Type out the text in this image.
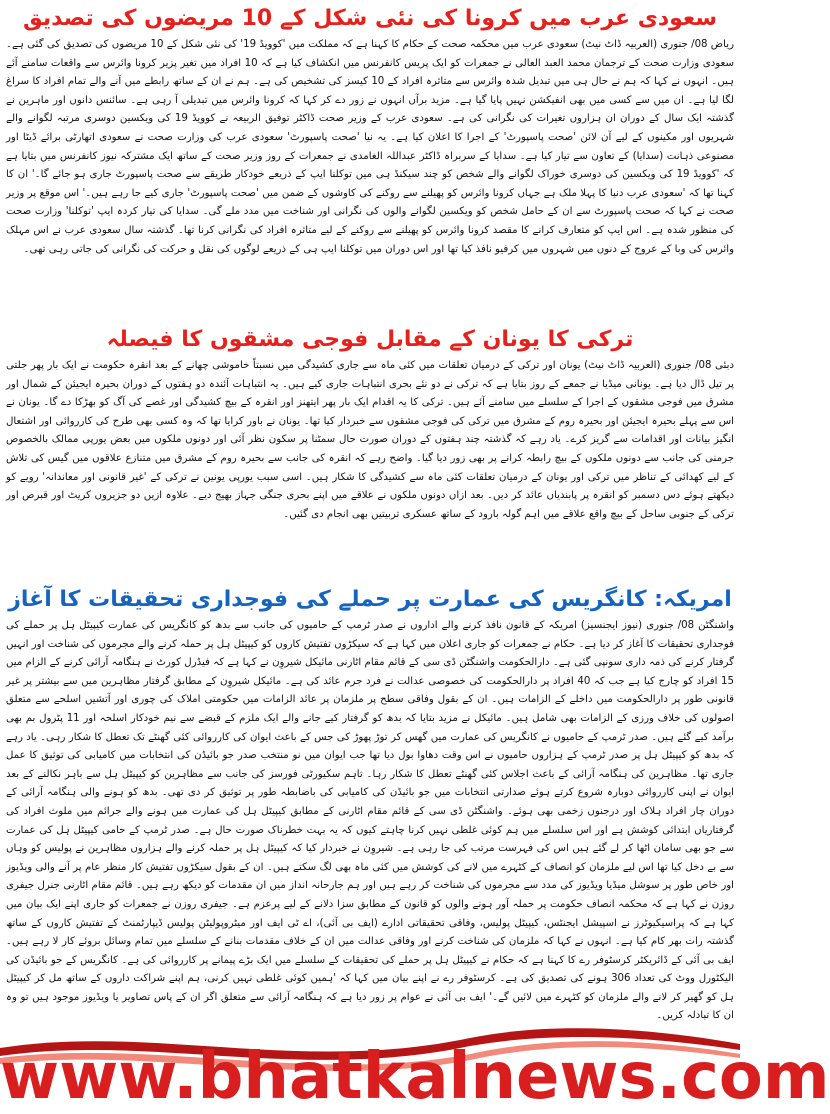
سعودی عرب میں کرونا کی نئی شکل کے 10 مریضوں کی تصدیق

ریاض 08/ جنوری (العربیہ ڈاٹ نیٹ) سعودی عرب میں محکمہ صحت کے حکام کا کہنا ہے کہ مملکت میں 'کوویڈ 19' کی نئی شکل کے 10 مریضوں کی تصدیق کی گئی ہے۔ سعودی وزارت صحت کے ترجمان محمد العبد العالی نے جمعرات کو ایک پریس کانفرنس میں انکشاف کیا ہے کہ 10 افراد میں تغیر پزیر کرونا وائرس سے واقعات سامنے آئے ہیں۔ انہوں نے کہا کہ ہم نے حال ہی میں تبدیل شدہ وائرس سے متاثرہ افراد کے 10 کیسز کی تشخیص کی ہے۔ ہم نے ان کے ساتھ رابطے میں آنے والے تمام افراد کا سراغ لگا لیا ہے۔ ان میں سے کسی میں بھی انفیکشن نہیں پایا گیا ہے۔ مزید برآں انہوں نے زور دے کر کہا کہ کرونا وائرس میں تبدیلی آ رہی ہے۔ سائنس دانوں اور ماہرین نے گذشتہ ایک سال کے دوران ان ہزاروں تغیرات کی نگرانی کی ہے۔ سعودی عرب کے وزیر صحت ڈاکٹر توفیق الربیعہ نے کوویڈ 19 کی ویکسین دوسری مرتبہ لگوانے والے شہریوں اور مکینوں کے لیے آن لائن 'صحت پاسپورٹ' کے اجرا کا اعلان کیا ہے۔ یہ نیا 'صحت پاسپورٹ' سعودی عرب کی وزارت صحت نے سعودی اتھارٹی برائے ڈیٹا اور مصنوعی ذہانت (سدایا) کے تعاون سے تیار کیا ہے۔ سدایا کے سربراہ ڈاکٹر عبداللہ الغامدی نے جمعرات کے روز وزیر صحت کے ساتھ ایک مشترکہ نیوز کانفرنس میں بتایا ہے کہ 'کوویڈ 19 کی ویکسین کی دوسری خوراک لگوانے والے شخص کو چند سیکنڈ ہی میں توکلنا ایپ کے ذریعے خودکار طریقے سے صحت پاسپورٹ جاری ہو جائے گا۔' ان کا کہنا تھا کہ 'سعودی عرب دنیا کا پہلا ملک ہے جہاں کرونا وائرس کو پھیلنے سے روکنے کی کاوشوں کے ضمن میں 'صحت پاسپورٹ' جاری کیے جا رہے ہیں۔' اس موقع پر وزیر صحت نے کہا کہ صحت پاسپورٹ سے ان کے حامل شخص کو ویکسین لگوانے والوں کی نگرانی اور شناخت میں مدد ملے گی۔ سدایا کی تیار کردہ ایپ 'توکلنا' وزارت صحت کی منظور شدہ ہے۔ اس ایپ کو متعارف کرانے کا مقصد کرونا وائرس کو پھیلنے سے روکنے کے لیے متاثرہ افراد کی نگرانی کرنا تھا۔ گذشتہ سال سعودی عرب نے اس مہلک وائرس کی وبا کے عروج کے دنوں میں شہروں میں کرفیو نافذ کیا تھا اور اس دوران میں توکلنا ایپ ہی کے ذریعے لوگوں کی نقل و حرکت کی نگرانی کی جاتی رہی تھی۔

ترکی کا یونان کے مقابل فوجی مشقوں کا فیصلہ

دبئی 08/ جنوری (العربیہ ڈاٹ نیٹ) یونان اور ترکی کے درمیان تعلقات میں کئی ماہ سے جاری کشیدگی میں نسبتاً خاموشی چھانے کے بعد انقرہ حکومت نے ایک بار پھر جلتی پر تیل ڈال دیا ہے۔ یونانی میڈیا نے جمعے کے روز بتایا ہے کہ ترکی نے دو نئے بحری انتباہات جاری کیے ہیں۔ یہ انتباہات آئندہ دو ہفتوں کے دوران بحیرہ ایجیئن کے شمال اور مشرق میں فوجی مشقوں کے اجرا کے سلسلے میں سامنے آئے ہیں۔ ترکی کا یہ اقدام ایک بار پھر ایتھنز اور انقرہ کے بیچ کشیدگی اور غصے کی آگ کو بھڑکا دے گا۔ یونان نے اس سے پہلے بحیرہ ایجیئن اور بحیرہ روم کے مشرق میں ترکی کی فوجی مشقوں سے خبردار کیا تھا۔ یونان نے باور کرایا تھا کہ وہ کسی بھی طرح کی کارروائی اور اشتعال انگیز بیانات اور اقدامات سے گریز کرے۔ یاد رہے کہ گذشتہ چند ہفتوں کے دوران صورت حال سمٹنا پر سکون نظر آئی اور دونوں ملکوں میں بعض یورپی ممالک بالخصوص جرمنی کی جانب سے دونوں ملکوں کے بیچ رابطہ کرانے پر بھی زور دیا گیا۔ واضح رہے کہ انقرہ کی جانب سے بحیرہ روم کے مشرق میں متنازع علاقوں میں گیس کی تلاش کے لیے کھدائی کے تناظر میں ترکی اور یونان کے درمیان تعلقات کئی ماہ سے کشیدگی کا شکار ہیں۔ اسی سبب یورپی یونین نے ترکی کے 'غیر قانونی اور معاندانہ' رویے کو دیکھتے ہوئے دس دسمبر کو انقرہ پر پابندیاں عائد کر دیں۔ بعد ازاں دونوں ملکوں نے علاقے میں اپنے بحری جنگی جہاز بھیج دیے۔ علاوہ ازیں دو جزیروں کریٹ اور قبرص اور ترکی کے جنوبی ساحل کے بیچ واقع علاقے میں اہم گولہ بارود کے ساتھ عسکری تربیتیں بھی انجام دی گئیں۔

امریکہ: کانگریس کی عمارت پر حملے کی فوجداری تحقیقات کا آغاز

واشنگٹن 08/ جنوری (نیوز ایجنسیز) امریکہ کے قانون نافذ کرنے والے اداروں نے صدر ٹرمپ کے حامیوں کی جانب سے بدھ کو کانگریس کی عمارت کیپیٹل ہل پر حملے کی فوجداری تحقیقات کا آغاز کر دیا ہے۔ حکام نے جمعرات کو جاری اعلان میں کہا ہے کہ سیکڑوں تفتیش کاروں کو کیپیٹل ہل پر حملہ کرنے والے مجرموں کی شناخت اور انہیں گرفتار کرنے کی ذمہ داری سونپی گئی ہے۔ دارالحکومت واشنگٹن ڈی سی کے قائم مقام اٹارنی مائیکل شیروِن نے کہا ہے کہ فیڈرل کورٹ نے ہنگامہ آرائی کرنے کے الزام میں 15 افراد کو چارج کیا ہے جب کہ 40 افراد پر دارالحکومت کی خصوصی عدالت نے فرد جرم عائد کی ہے۔ مائیکل شیروِن کے مطابق گرفتار مظاہرین میں سے بیشتر پر غیر قانونی طور پر دارالحکومت میں داخلے کے الزامات ہیں۔ ان کے بقول وفاقی سطح پر ملزمان پر عائد الزامات میں حکومتی املاک کی چوری اور آتشیں اسلحے سے متعلق اصولوں کی خلاف ورزی کے الزامات بھی شامل ہیں۔ مائیکل نے مزید بتایا کہ بدھ کو گرفتار کیے جانے والے ایک ملزم کے قبضے سے نیم خودکار اسلحہ اور 11 پٹرول بم بھی برآمد کیے گئے ہیں۔ صدر ٹرمپ کے حامیوں نے کانگریس کی عمارت میں گھس کر توڑ پھوڑ کی جس کے باعث ایوان کی کارروائی کئی گھنٹے تک تعطل کا شکار رہی۔ یاد رہے کہ بدھ کو کیپیٹل ہل پر صدر ٹرمپ کے ہزاروں حامیوں نے اس وقت دھاوا بول دیا تھا جب ایوان میں نو منتخب صدر جو بائیڈن کی انتخابات میں کامیابی کی توثیق کا عمل جاری تھا۔ مظاہرین کی ہنگامہ آرائی کے باعث اجلاس کئی گھنٹے تعطل کا شکار رہا۔ تاہم سکیورٹی فورسز کی جانب سے مظاہرین کو کیپیٹل ہل سے باہر نکالنے کے بعد ایوان نے اپنی کارروائی دوبارہ شروع کرتے ہوئے صدارتی انتخابات میں جو بائیڈن کی کامیابی کی باضابطہ طور پر توثیق کر دی تھی۔ بدھ کو ہونے والی ہنگامہ آرائی کے دوران چار افراد ہلاک اور درجنوں زخمی بھی ہوئے۔ واشنگٹن ڈی سی کے قائم مقام اٹارنی کے مطابق کیپیٹل ہل کی عمارت میں ہونے والے جرائم میں ملوث افراد کی گرفتاریاں ابتدائی کوشش ہے اور اس سلسلے میں ہم کوئی غلطی نہیں کرنا چاہتے کیوں کہ یہ بہت خطرناک صورت حال ہے۔ صدر ٹرمپ کے حامی کیپیٹل ہل کی عمارت سے جو بھی سامان اٹھا کر لے گئے ہیں اس کی فہرست مرتب کی جا رہی ہے۔ شیروِن نے خبردار کیا کہ کیپیٹل ہل پر حملہ کرنے والے ہزاروں مظاہرین نے پولیس کو وہاں سے بے دخل کیا تھا اس لیے ملزمان کو انصاف کے کٹہرے میں لانے کی کوشش میں کئی ماہ بھی لگ سکتے ہیں۔ ان کے بقول سیکڑوں تفتیش کار منظر عام پر آنے والی ویڈیوز اور خاص طور پر سوشل میڈیا ویڈیوز کی مدد سے مجرموں کی شناخت کر رہے ہیں اور ہم جارحانہ انداز میں ان مقدمات کو دیکھ رہے ہیں۔ قائم مقام اٹارنی جنرل جیفری روزن نے کہا ہے کہ محکمہ انصاف حکومت پر حملہ آور ہونے والوں کو قانون کے مطابق سزا دلانے کے لیے پرعزم ہے۔ جیفری روزن نے جمعرات کو جاری اپنے ایک بیان میں کہا ہے کہ پراسیکیوٹرز نے اسپیشل ایجنٹس، کیپیٹل پولیس، وفاقی تحقیقاتی ادارے (ایف بی آئی)، اے ٹی ایف اور میٹروپولیٹن پولیس ڈیپارٹمنٹ کے تفتیش کاروں کے ساتھ گذشتہ رات بھر کام کیا ہے۔ انہوں نے کہا کہ ملزمان کی شناخت کرنے اور وفاقی عدالت میں ان کے خلاف مقدمات بنانے کے سلسلے میں تمام وسائل بروئے کار لا رہے ہیں۔ ایف بی آئی کے ڈائریکٹر کرسٹوفر رے کا کہنا ہے کہ حکام نے کیپیٹل ہل پر حملے کی تحقیقات کے سلسلے میں ایک بڑے پیمانے پر کارروائی کی ہے۔ کانگریس کے جو بائیڈن کی الیکٹورل ووٹ کی تعداد 306 ہونے کی تصدیق کی ہے۔ کرسٹوفر رے نے اپنے بیان میں کہا کہ 'ہمیں کوئی غلطی نہیں کرنی، ہم اپنے شراکت داروں کے ساتھ مل کر کیپیٹل ہل کو گھیر کر لانے والے ملزمان کو کٹہرے میں لائیں گے۔' ایف بی آئی نے عوام پر زور دیا ہے کہ ہنگامہ آرائی سے متعلق اگر ان کے پاس تصاویر یا ویڈیوز موجود ہیں تو وہ ان کا تبادلہ کریں۔

www.bhatkalnews.com
